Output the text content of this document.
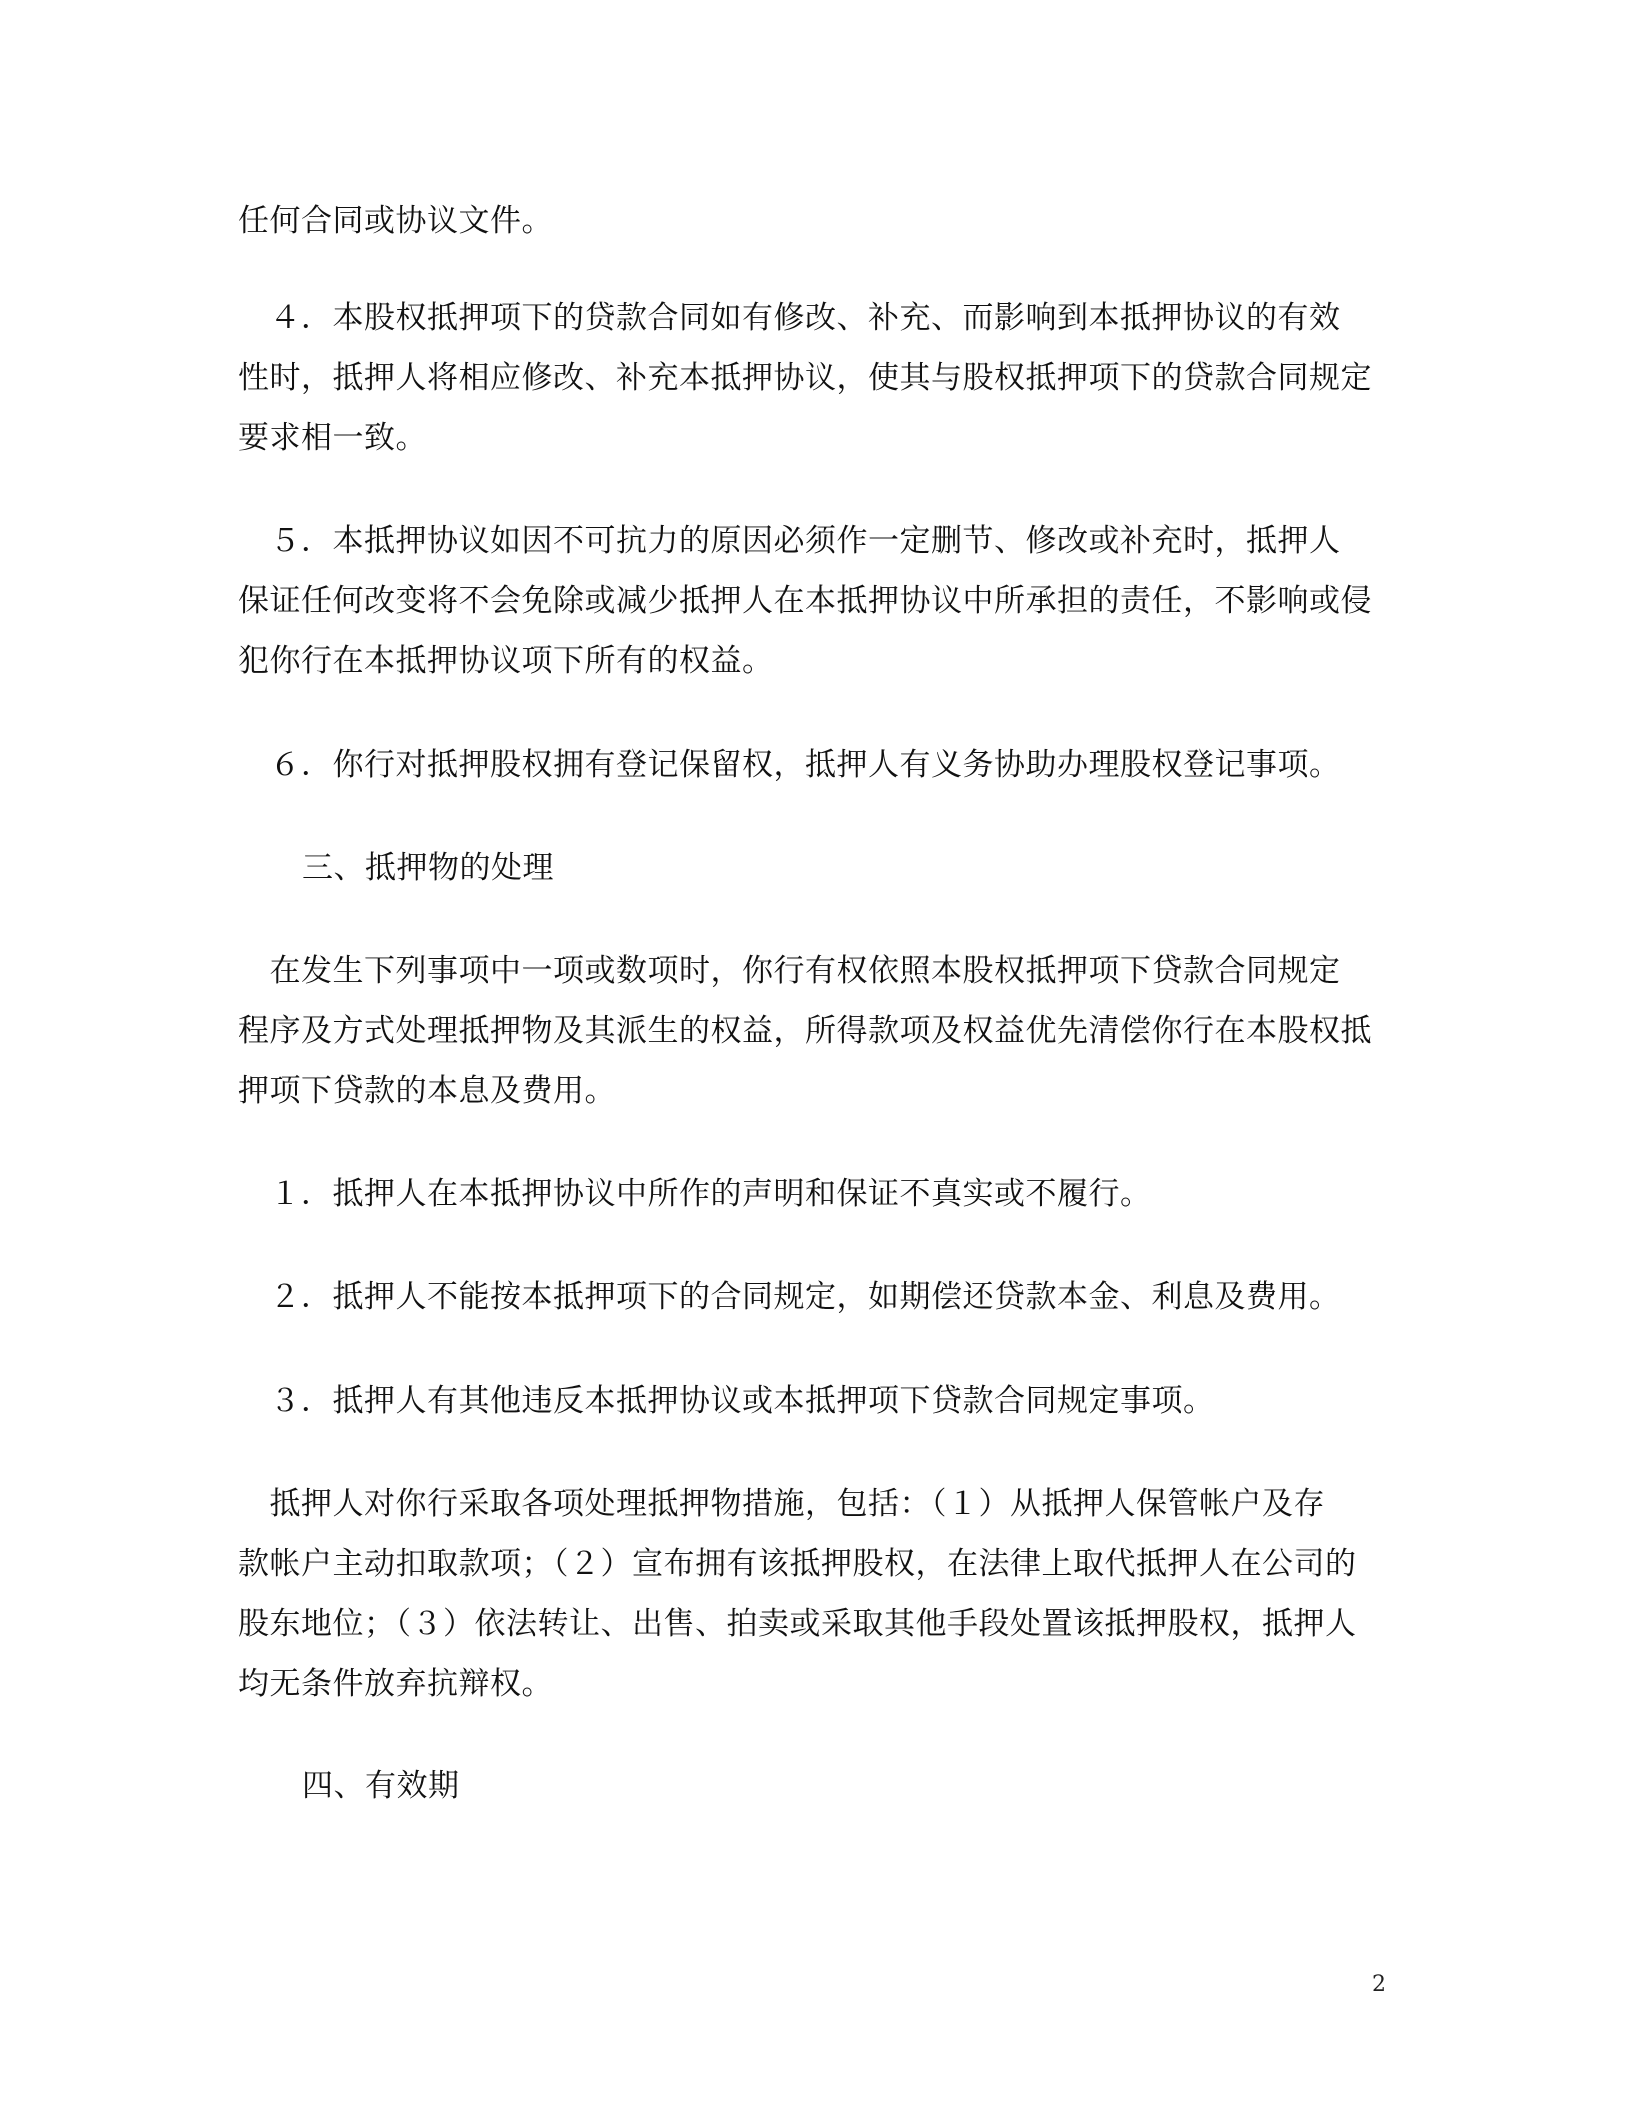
任何合同或协议文件。

　４．本股权抵押项下的贷款合同如有修改、补充、而影响到本抵押协议的有效
性时，抵押人将相应修改、补充本抵押协议，使其与股权抵押项下的贷款合同规定
要求相一致。

　５．本抵押协议如因不可抗力的原因必须作一定删节、修改或补充时，抵押人
保证任何改变将不会免除或减少抵押人在本抵押协议中所承担的责任，不影响或侵
犯你行在本抵押协议项下所有的权益。

　６．你行对抵押股权拥有登记保留权，抵押人有义务协助办理股权登记事项。

三、抵押物的处理

　在发生下列事项中一项或数项时，你行有权依照本股权抵押项下贷款合同规定
程序及方式处理抵押物及其派生的权益，所得款项及权益优先清偿你行在本股权抵
押项下贷款的本息及费用。

　１．抵押人在本抵押协议中所作的声明和保证不真实或不履行。

　２．抵押人不能按本抵押项下的合同规定，如期偿还贷款本金、利息及费用。

　３．抵押人有其他违反本抵押协议或本抵押项下贷款合同规定事项。

　抵押人对你行采取各项处理抵押物措施，包括：（１）从抵押人保管帐户及存
款帐户主动扣取款项；（２）宣布拥有该抵押股权，在法律上取代抵押人在公司的
股东地位；（３）依法转让、出售、拍卖或采取其他手段处置该抵押股权，抵押人
均无条件放弃抗辩权。

四、有效期
2
